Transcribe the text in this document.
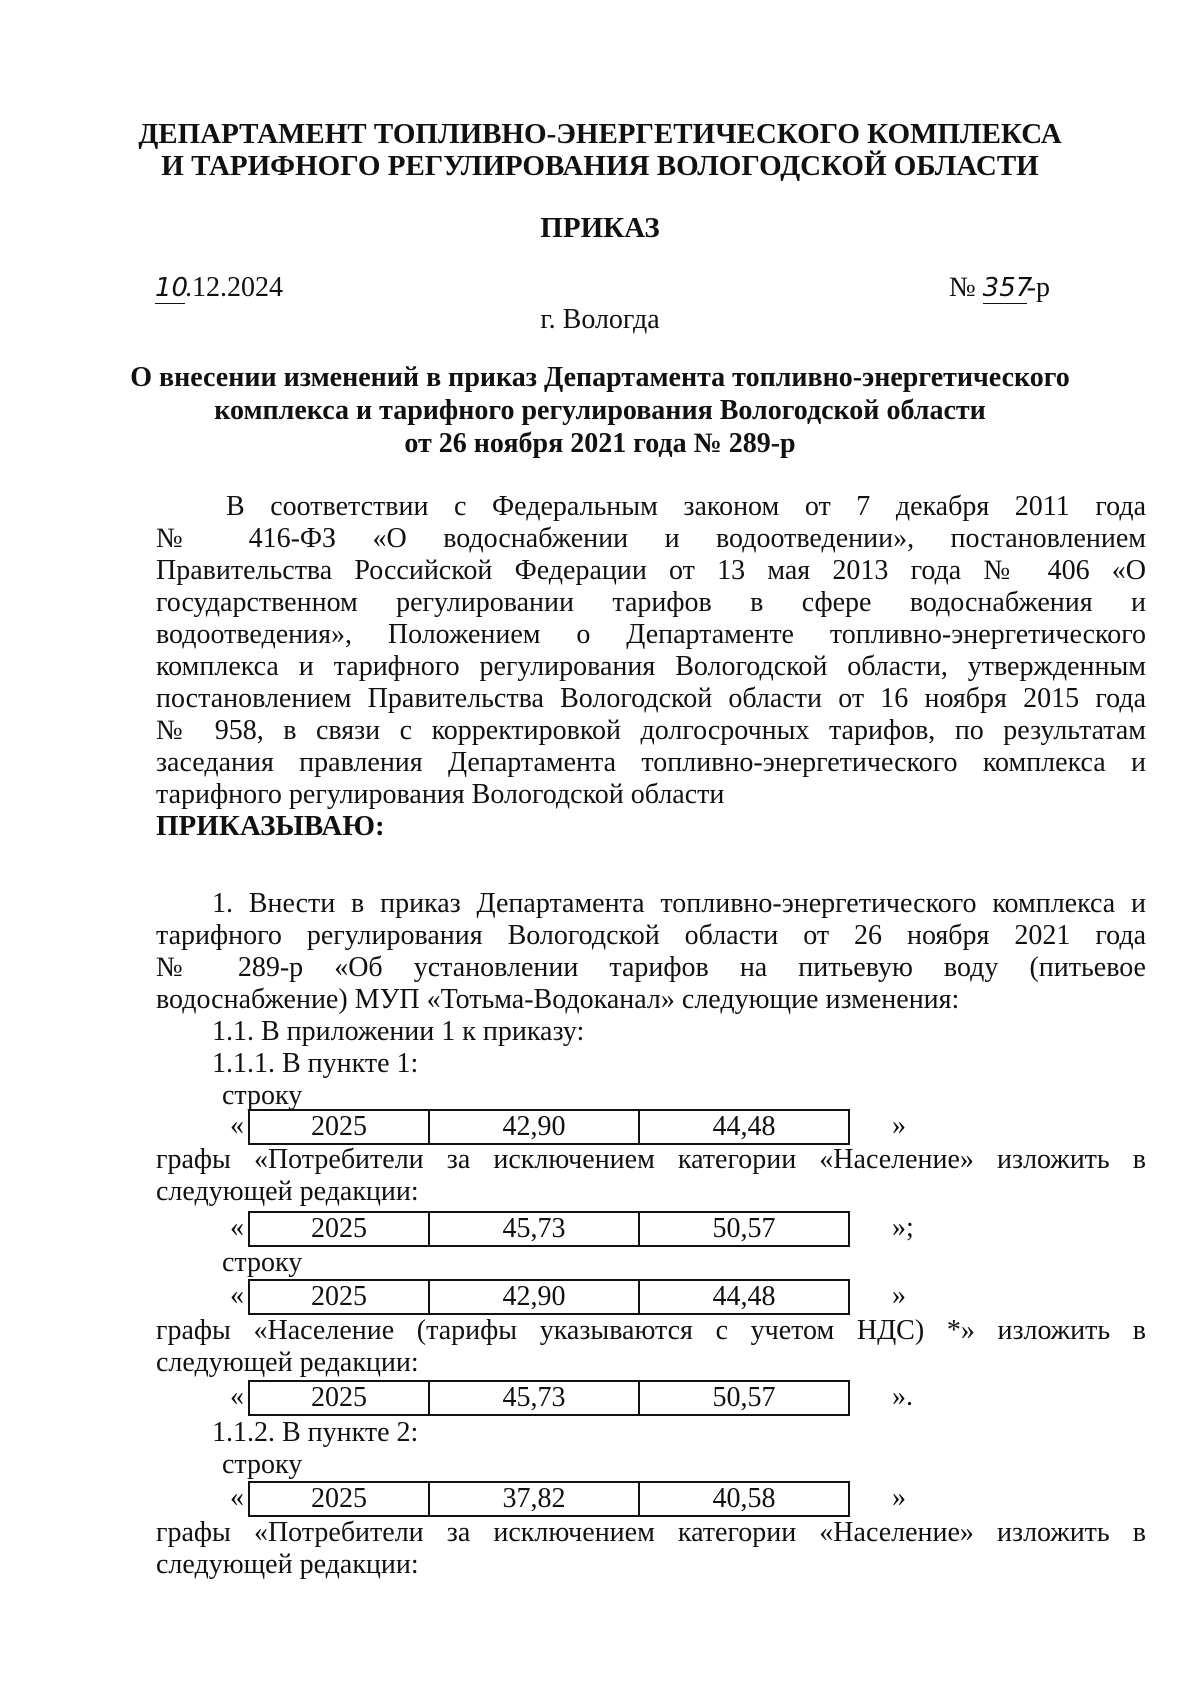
ДЕПАРТАМЕНТ ТОПЛИВНО-ЭНЕРГЕТИЧЕСКОГО КОМПЛЕКСА
И ТАРИФНОГО РЕГУЛИРОВАНИЯ ВОЛОГОДСКОЙ ОБЛАСТИ
ПРИКАЗ
10.12.2024	№ 357-р
г. Вологда
О внесении изменений в приказ Департамента топливно-энергетического
комплекса и тарифного регулирования Вологодской области
от 26 ноября 2021 года № 289-р
В соответствии с Федеральным законом от 7 декабря 2011 года
№ 416-ФЗ «О водоснабжении и водоотведении», постановлением
Правительства Российской Федерации от 13 мая 2013 года № 406 «О
государственном регулировании тарифов в сфере водоснабжения и
водоотведения», Положением о Департаменте топливно-энергетического
комплекса и тарифного регулирования Вологодской области, утвержденным
постановлением Правительства Вологодской области от 16 ноября 2015 года
№ 958, в связи с корректировкой долгосрочных тарифов, по результатам
заседания правления Департамента топливно-энергетического комплекса и
тарифного регулирования Вологодской области
ПРИКАЗЫВАЮ:
1. Внести в приказ Департамента топливно-энергетического комплекса и
тарифного регулирования Вологодской области от 26 ноября 2021 года
№ 289-р «Об установлении тарифов на питьевую воду (питьевое
водоснабжение) МУП «Тотьма-Водоканал» следующие изменения:
1.1. В приложении 1 к приказу:
1.1.1. В пункте 1:
строку
« 2025	42,90	44,48	»
графы «Потребители за исключением категории «Население» изложить в
следующей редакции:
« 2025	45,73	50,57	»;
строку
« 2025	42,90	44,48	»
графы «Население (тарифы указываются с учетом НДС) *» изложить в
следующей редакции:
« 2025	45,73	50,57	».
1.1.2. В пункте 2:
строку
« 2025	37,82	40,58	»
графы «Потребители за исключением категории «Население» изложить в
следующей редакции:
